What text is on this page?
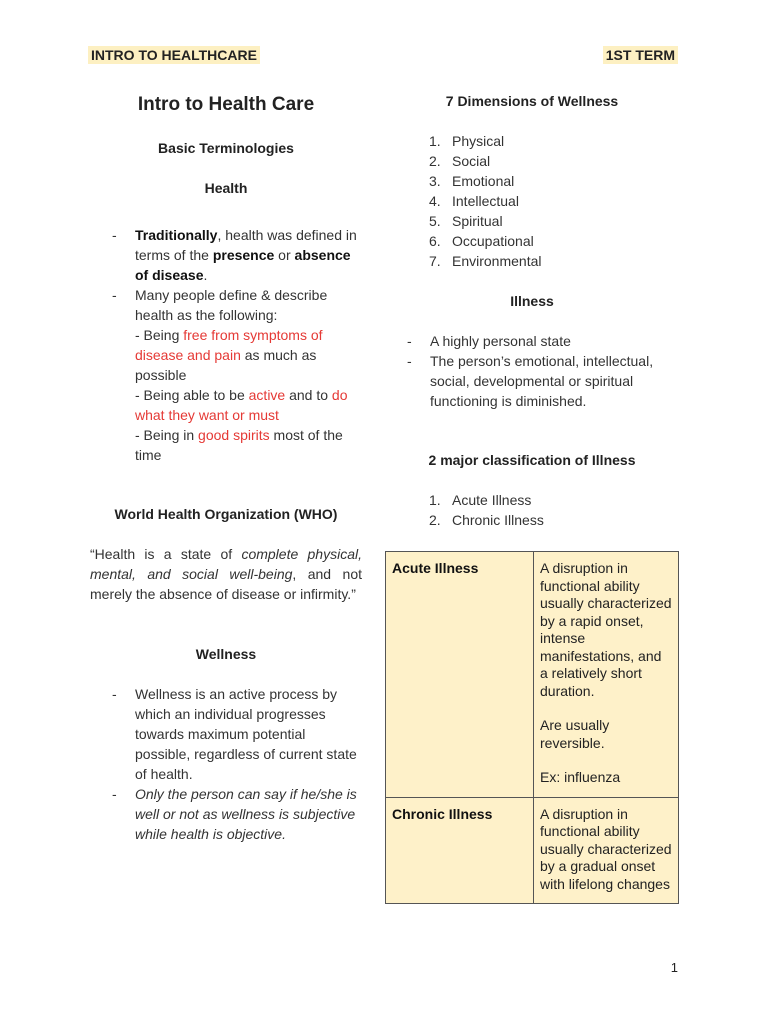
INTRO TO HEALTHCARE	1ST TERM
Intro to Health Care
Basic Terminologies
Health
- Traditionally, health was defined in terms of the presence or absence of disease.
- Many people define & describe health as the following:
- Being free from symptoms of disease and pain as much as possible
- Being able to be active and to do what they want or must
- Being in good spirits most of the time
World Health Organization (WHO)
“Health is a state of complete physical, mental, and social well-being, and not merely the absence of disease or infirmity.”
Wellness
- Wellness is an active process by which an individual progresses towards maximum potential possible, regardless of current state of health.
- Only the person can say if he/she is well or not as wellness is subjective while health is objective.
7 Dimensions of Wellness
1. Physical
2. Social
3. Emotional
4. Intellectual
5. Spiritual
6. Occupational
7. Environmental
Illness
- A highly personal state
- The person’s emotional, intellectual, social, developmental or spiritual functioning is diminished.
2 major classification of Illness
1. Acute Illness
2. Chronic Illness
Acute Illness	A disruption in functional ability usually characterized by a rapid onset, intense manifestations, and a relatively short duration.
Are usually reversible.
Ex: influenza

Chronic Illness	A disruption in functional ability usually characterized by a gradual onset with lifelong changes
1
